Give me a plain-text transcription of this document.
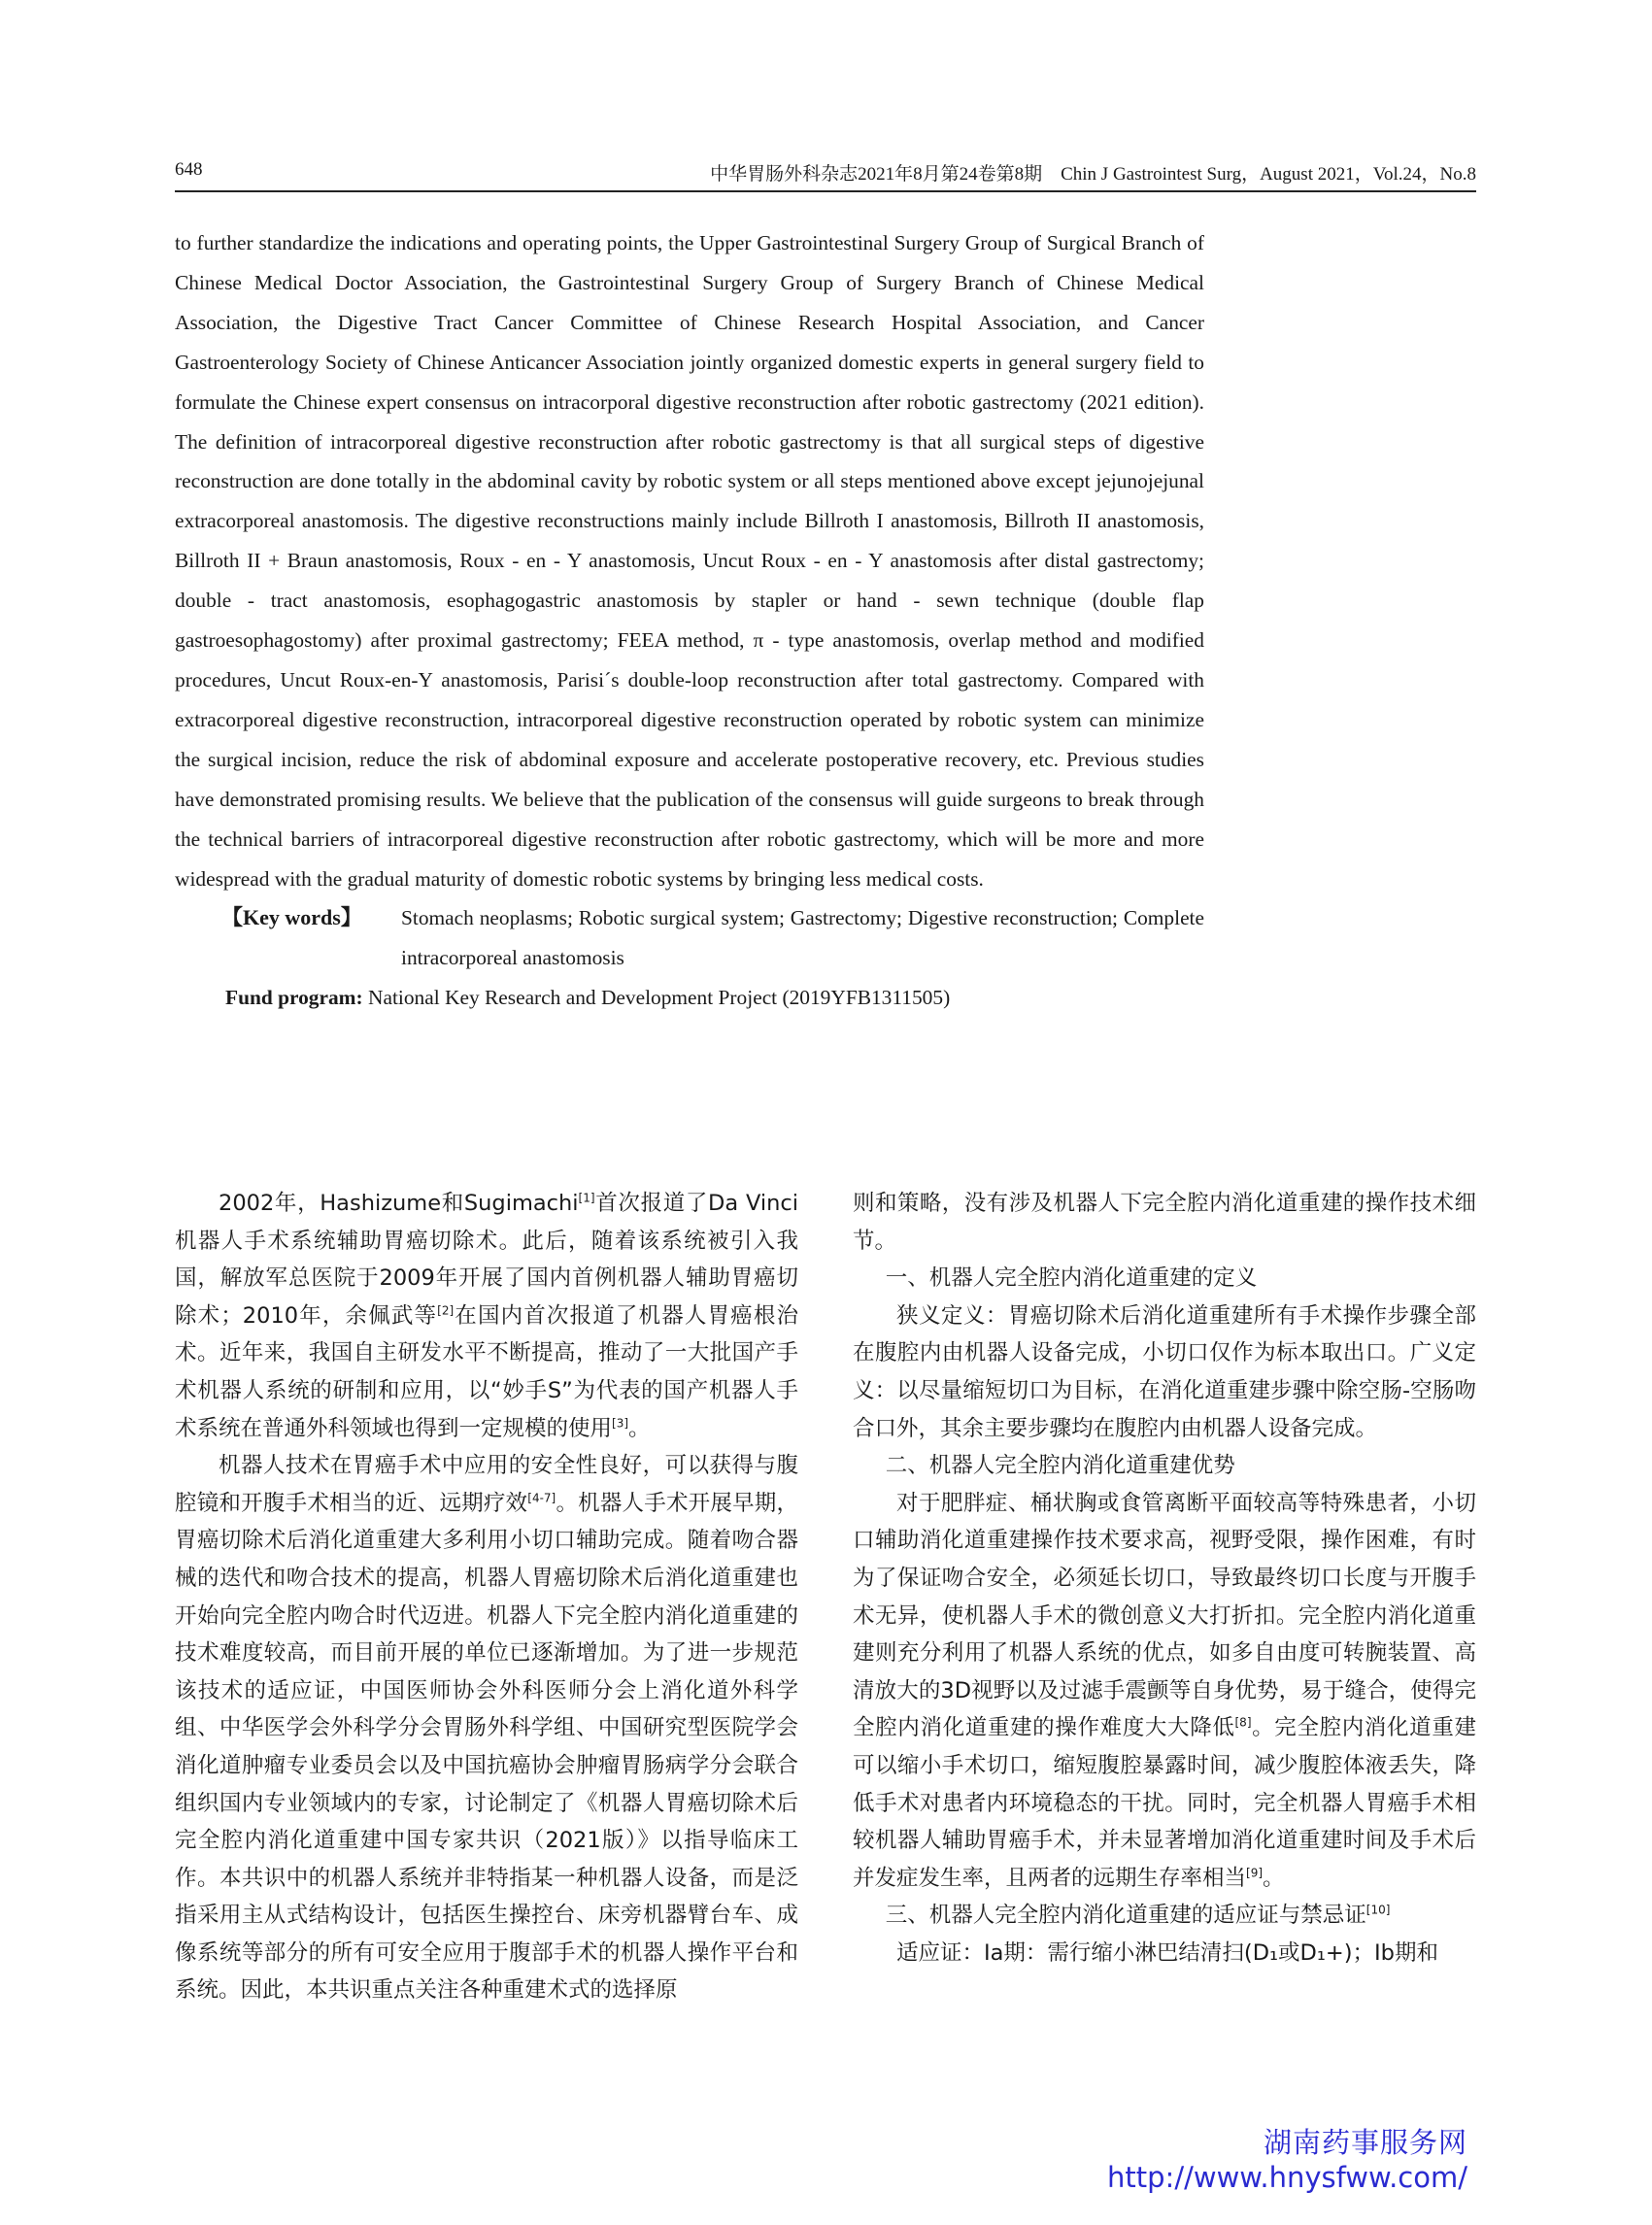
648	中华胃肠外科杂志2021年8月第24卷第8期　Chin J Gastrointest Surg，August 2021，Vol.24，No.8

to further standardize the indications and operating points, the Upper Gastrointestinal Surgery Group of Surgical Branch of Chinese Medical Doctor Association, the Gastrointestinal Surgery Group of Surgery Branch of Chinese Medical Association, the Digestive Tract Cancer Committee of Chinese Research Hospital Association, and Cancer Gastroenterology Society of Chinese Anticancer Association jointly organized domestic experts in general surgery field to formulate the Chinese expert consensus on intracorporal digestive reconstruction after robotic gastrectomy (2021 edition). The definition of intracorporeal digestive reconstruction after robotic gastrectomy is that all surgical steps of digestive reconstruction are done totally in the abdominal cavity by robotic system or all steps mentioned above except jejunojejunal extracorporeal anastomosis. The digestive reconstructions mainly include Billroth I anastomosis, Billroth II anastomosis, Billroth II + Braun anastomosis, Roux - en - Y anastomosis, Uncut Roux - en - Y anastomosis after distal gastrectomy; double - tract anastomosis, esophagogastric anastomosis by stapler or hand - sewn technique (double flap gastroesophagostomy) after proximal gastrectomy; FEEA method, π - type anastomosis, overlap method and modified procedures, Uncut Roux-en-Y anastomosis, Parisi´s double-loop reconstruction after total gastrectomy. Compared with extracorporeal digestive reconstruction, intracorporeal digestive reconstruction operated by robotic system can minimize the surgical incision, reduce the risk of abdominal exposure and accelerate postoperative recovery, etc. Previous studies have demonstrated promising results. We believe that the publication of the consensus will guide surgeons to break through the technical barriers of intracorporeal digestive reconstruction after robotic gastrectomy, which will be more and more widespread with the gradual maturity of domestic robotic systems by bringing less medical costs.

【Key words】 Stomach neoplasms; Robotic surgical system; Gastrectomy; Digestive reconstruction; Complete intracorporeal anastomosis
Fund program: National Key Research and Development Project (2019YFB1311505)

2002年，Hashizume和Sugimachi[1]首次报道了Da Vinci机器人手术系统辅助胃癌切除术。此后，随着该系统被引入我国，解放军总医院于2009年开展了国内首例机器人辅助胃癌切除术；2010年，余佩武等[2]在国内首次报道了机器人胃癌根治术。近年来，我国自主研发水平不断提高，推动了一大批国产手术机器人系统的研制和应用，以“妙手S”为代表的国产机器人手术系统在普通外科领域也得到一定规模的使用[3]。

机器人技术在胃癌手术中应用的安全性良好，可以获得与腹腔镜和开腹手术相当的近、远期疗效[4-7]。机器人手术开展早期，胃癌切除术后消化道重建大多利用小切口辅助完成。随着吻合器械的迭代和吻合技术的提高，机器人胃癌切除术后消化道重建也开始向完全腔内吻合时代迈进。机器人下完全腔内消化道重建的技术难度较高，而目前开展的单位已逐渐增加。为了进一步规范该技术的适应证，中国医师协会外科医师分会上消化道外科学组、中华医学会外科学分会胃肠外科学组、中国研究型医院学会消化道肿瘤专业委员会以及中国抗癌协会肿瘤胃肠病学分会联合组织国内专业领域内的专家，讨论制定了《机器人胃癌切除术后完全腔内消化道重建中国专家共识（2021版）》以指导临床工作。本共识中的机器人系统并非特指某一种机器人设备，而是泛指采用主从式结构设计，包括医生操控台、床旁机器臂台车、成像系统等部分的所有可安全应用于腹部手术的机器人操作平台和系统。因此，本共识重点关注各种重建术式的选择原

则和策略，没有涉及机器人下完全腔内消化道重建的操作技术细节。

一、机器人完全腔内消化道重建的定义

狭义定义：胃癌切除术后消化道重建所有手术操作步骤全部在腹腔内由机器人设备完成，小切口仅作为标本取出口。广义定义：以尽量缩短切口为目标，在消化道重建步骤中除空肠-空肠吻合口外，其余主要步骤均在腹腔内由机器人设备完成。

二、机器人完全腔内消化道重建优势

对于肥胖症、桶状胸或食管离断平面较高等特殊患者，小切口辅助消化道重建操作技术要求高，视野受限，操作困难，有时为了保证吻合安全，必须延长切口，导致最终切口长度与开腹手术无异，使机器人手术的微创意义大打折扣。完全腔内消化道重建则充分利用了机器人系统的优点，如多自由度可转腕装置、高清放大的3D视野以及过滤手震颤等自身优势，易于缝合，使得完全腔内消化道重建的操作难度大大降低[8]。完全腔内消化道重建可以缩小手术切口，缩短腹腔暴露时间，减少腹腔体液丢失，降低手术对患者内环境稳态的干扰。同时，完全机器人胃癌手术相较机器人辅助胃癌手术，并未显著增加消化道重建时间及手术后并发症发生率，且两者的远期生存率相当[9]。

三、机器人完全腔内消化道重建的适应证与禁忌证[10]

适应证：Ⅰa期：需行缩小淋巴结清扫(D₁或D₁+)；Ⅰb期和

湖南药事服务网
http://www.hnysfww.com/
